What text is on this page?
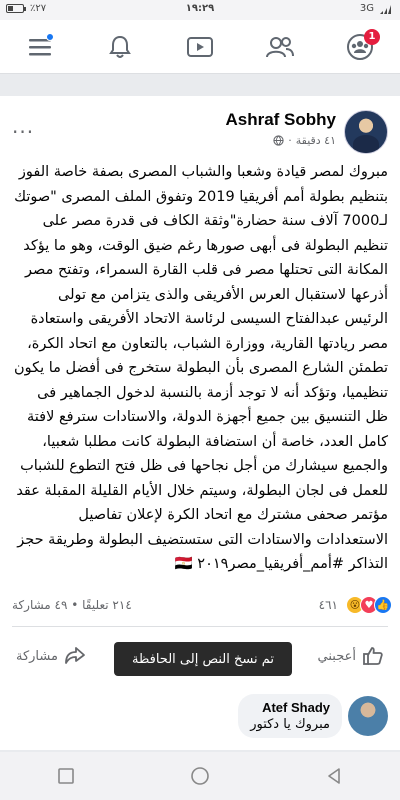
٪٢٧	١٩:٢٩	3G
1
Ashraf Sobhy
٤١ دقيقة
·
...
مبروك لمصر قيادة وشعبا والشباب المصرى بصفة خاصة الفوز بتنظيم بطولة أمم أفريقيا 2019 وتفوق الملف المصرى "صوتك لـ7000 آلاف سنة حضارة"وثقة الكاف فى قدرة مصر على تنظيم البطولة فى أبهى صورها رغم ضيق الوقت، وهو ما يؤكد المكانة التى تحتلها مصر فى قلب القارة السمراء، وتفتح مصر أذرعها لاستقبال العرس الأفريقى والذى يتزامن مع تولى الرئيس عبدالفتاح السيسى لرئاسة الاتحاد الأفريقى واستعادة مصر ريادتها القارية، ووزارة الشباب، بالتعاون مع اتحاد الكرة، تطمئن الشارع المصرى بأن البطولة ستخرج فى أفضل ما يكون تنظيميا، وتؤكد أنه لا توجد أزمة بالنسبة لدخول الجماهير فى ظل التنسيق بين جميع أجهزة الدولة، والاستادات سترفع لافتة كامل العدد، خاصة أن استضافة البطولة كانت مطلبا شعبيا، والجميع سيشارك من أجل نجاحها فى ظل فتح التطوع للشباب للعمل فى لجان البطولة، وسيتم خلال الأيام القليلة المقبلة عقد مؤتمر صحفى مشترك مع اتحاد الكرة لإعلان تفاصيل الاستعدادات والاستادات التى ستستضيف البطولة وطريقة حجز التذاكر #أمم_أفريقيا_مصر٢٠١٩ 🇪🇬
٢١٤ تعليقًا • ٤٩ مشاركة	٤٦١	😮 ♥ 👍
مشاركة	أعجبني
تم نسخ النص إلى الحافظة
Atef Shady
مبروك يا دكتور
